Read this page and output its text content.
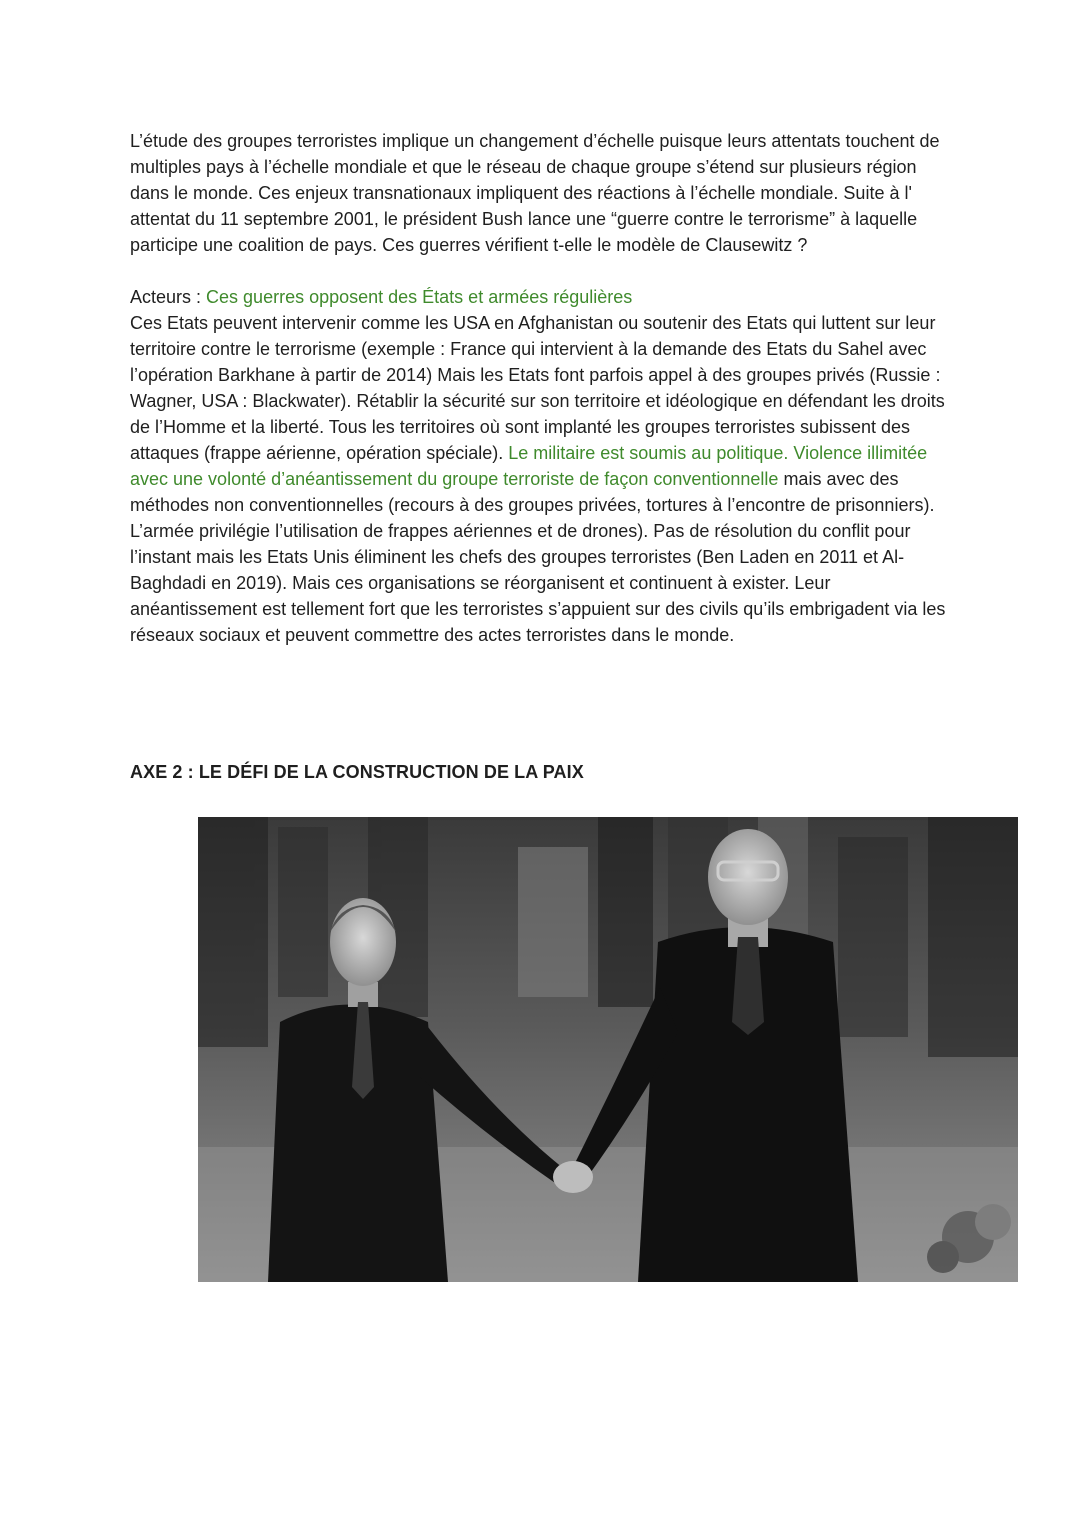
L’étude des groupes terroristes implique un changement d’échelle puisque leurs attentats touchent de multiples pays à l’échelle mondiale et que le réseau de chaque groupe s’étend sur plusieurs région dans le monde. Ces enjeux transnationaux impliquent des réactions à l’échelle mondiale. Suite à l' attentat du 11 septembre 2001, le président Bush lance une “guerre contre le terrorisme” à laquelle participe une coalition de pays. Ces guerres vérifient t-elle le modèle de Clausewitz ?

Acteurs : Ces guerres opposent des États et armées régulières

Ces Etats peuvent intervenir comme les USA en Afghanistan ou soutenir des Etats qui luttent sur leur territoire contre le terrorisme (exemple : France qui intervient à la demande des Etats du Sahel avec l’opération Barkhane à partir de 2014) Mais les Etats font parfois appel à des groupes privés (Russie : Wagner, USA : Blackwater). Rétablir la sécurité sur son territoire et idéologique en défendant les droits de l’Homme et la liberté. Tous les territoires où sont implanté les groupes terroristes subissent des attaques (frappe aérienne, opération spéciale). Le militaire est soumis au politique. Violence illimitée avec une volonté d’anéantissement du groupe terroriste de façon conventionnelle mais avec des méthodes non conventionnelles (recours à des groupes privées, tortures à l’encontre de prisonniers). L’armée privilégie l’utilisation de frappes aériennes et de drones). Pas de résolution du conflit pour l’instant mais les Etats Unis éliminent les chefs des groupes terroristes (Ben Laden en 2011 et Al-Baghdadi en 2019). Mais ces organisations se réorganisent et continuent à exister. Leur anéantissement est tellement fort que les terroristes s’appuient sur des civils qu’ils embrigadent via les réseaux sociaux et peuvent commettre des actes terroristes dans le monde.

AXE 2 : LE DÉFI DE LA CONSTRUCTION DE LA PAIX
